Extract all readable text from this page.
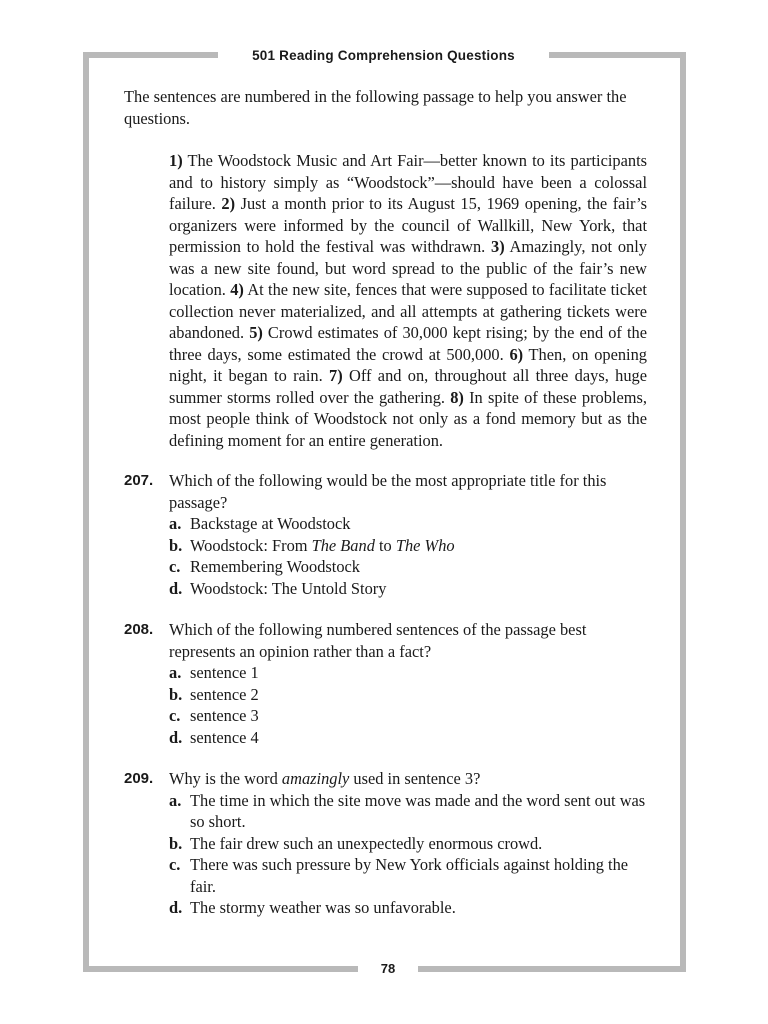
501 Reading Comprehension Questions
The sentences are numbered in the following passage to help you answer the questions.
1) The Woodstock Music and Art Fair—better known to its participants and to history simply as “Woodstock”—should have been a colossal failure. 2) Just a month prior to its August 15, 1969 opening, the fair’s organizers were informed by the council of Wallkill, New York, that permission to hold the festival was withdrawn. 3) Amazingly, not only was a new site found, but word spread to the public of the fair’s new location. 4) At the new site, fences that were supposed to facilitate ticket collection never materialized, and all attempts at gathering tickets were abandoned. 5) Crowd estimates of 30,000 kept rising; by the end of the three days, some estimated the crowd at 500,000. 6) Then, on opening night, it began to rain. 7) Off and on, throughout all three days, huge summer storms rolled over the gathering. 8) In spite of these problems, most people think of Woodstock not only as a fond memory but as the defining moment for an entire generation.
207. Which of the following would be the most appropriate title for this passage?
a. Backstage at Woodstock
b. Woodstock: From The Band to The Who
c. Remembering Woodstock
d. Woodstock: The Untold Story
208. Which of the following numbered sentences of the passage best represents an opinion rather than a fact?
a. sentence 1
b. sentence 2
c. sentence 3
d. sentence 4
209. Why is the word amazingly used in sentence 3?
a. The time in which the site move was made and the word sent out was so short.
b. The fair drew such an unexpectedly enormous crowd.
c. There was such pressure by New York officials against holding the fair.
d. The stormy weather was so unfavorable.
78
